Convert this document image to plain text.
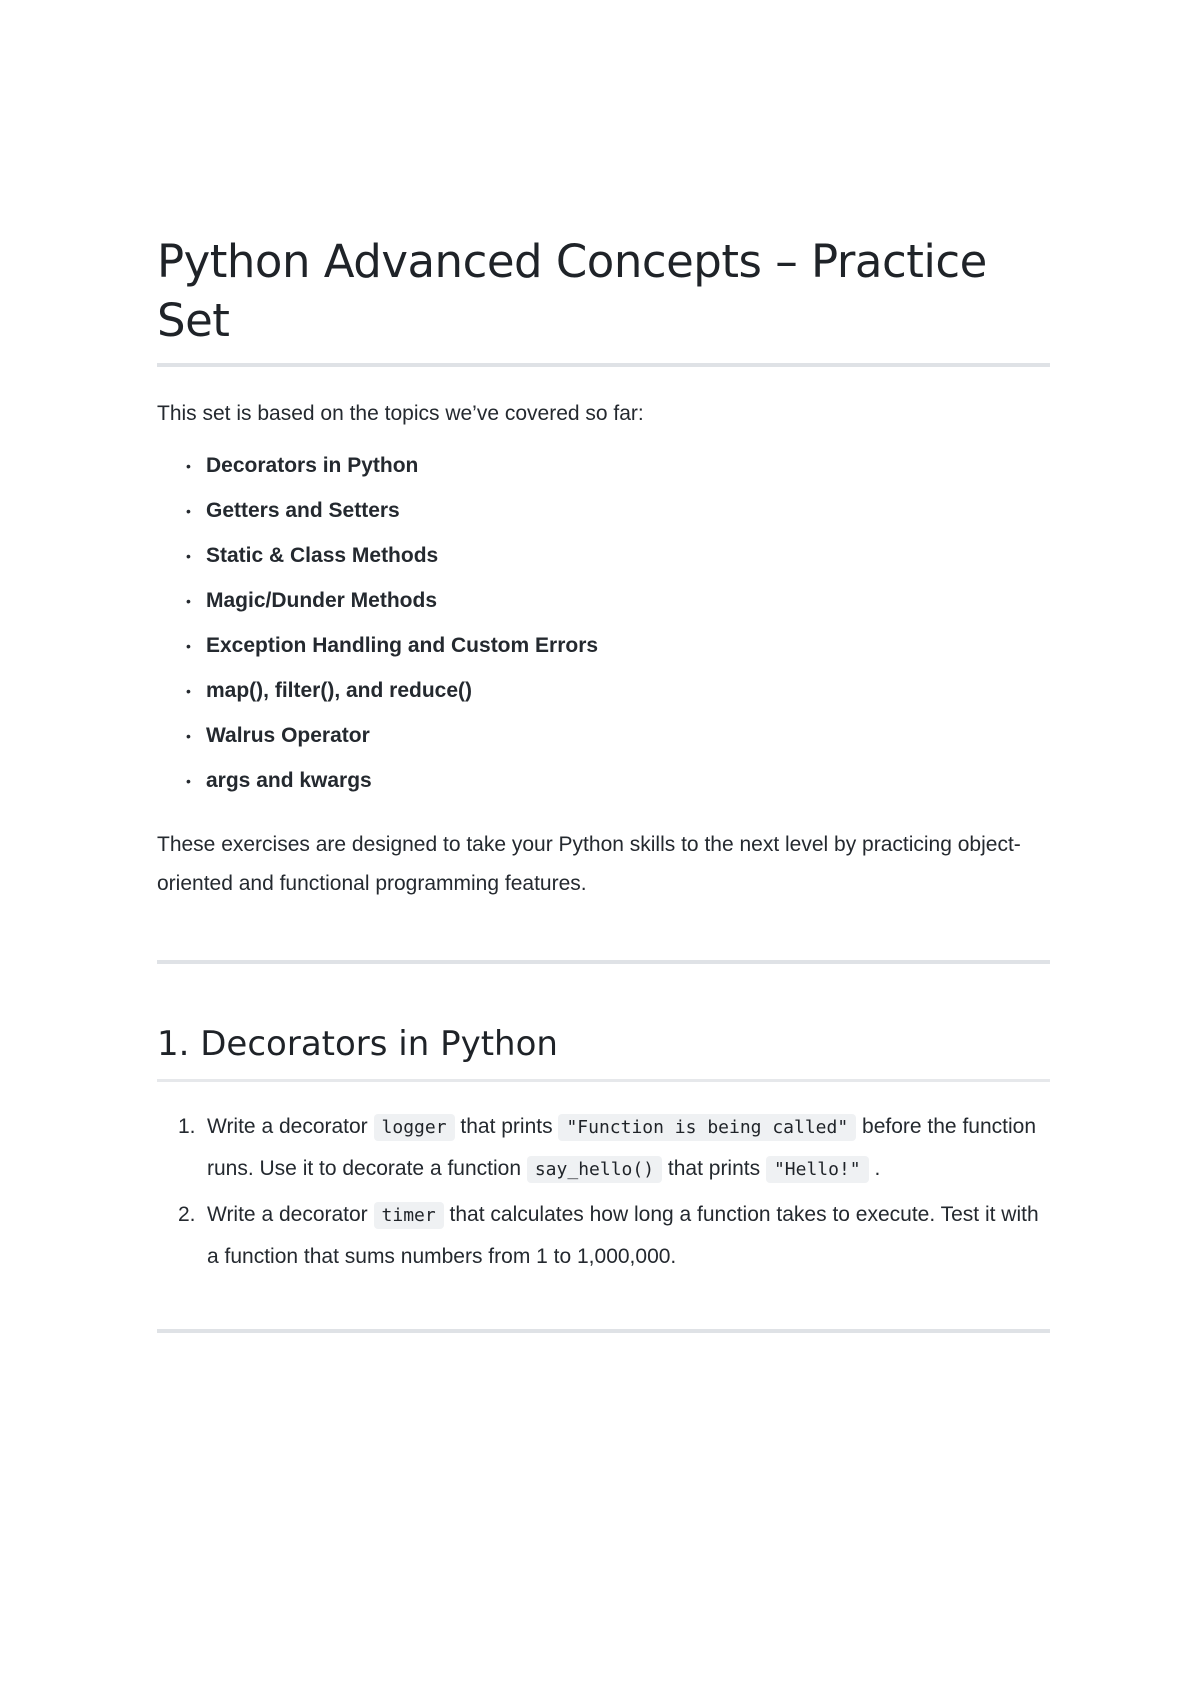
Python Advanced Concepts – Practice Set

This set is based on the topics we’ve covered so far:

• Decorators in Python
• Getters and Setters
• Static & Class Methods
• Magic/Dunder Methods
• Exception Handling and Custom Errors
• map(), filter(), and reduce()
• Walrus Operator
• args and kwargs

These exercises are designed to take your Python skills to the next level by practicing object-oriented and functional programming features.

1. Decorators in Python
1. Write a decorator logger that prints "Function is being called" before the function runs. Use it to decorate a function say_hello() that prints "Hello!" .
2. Write a decorator timer that calculates how long a function takes to execute. Test it with a function that sums numbers from 1 to 1,000,000.
